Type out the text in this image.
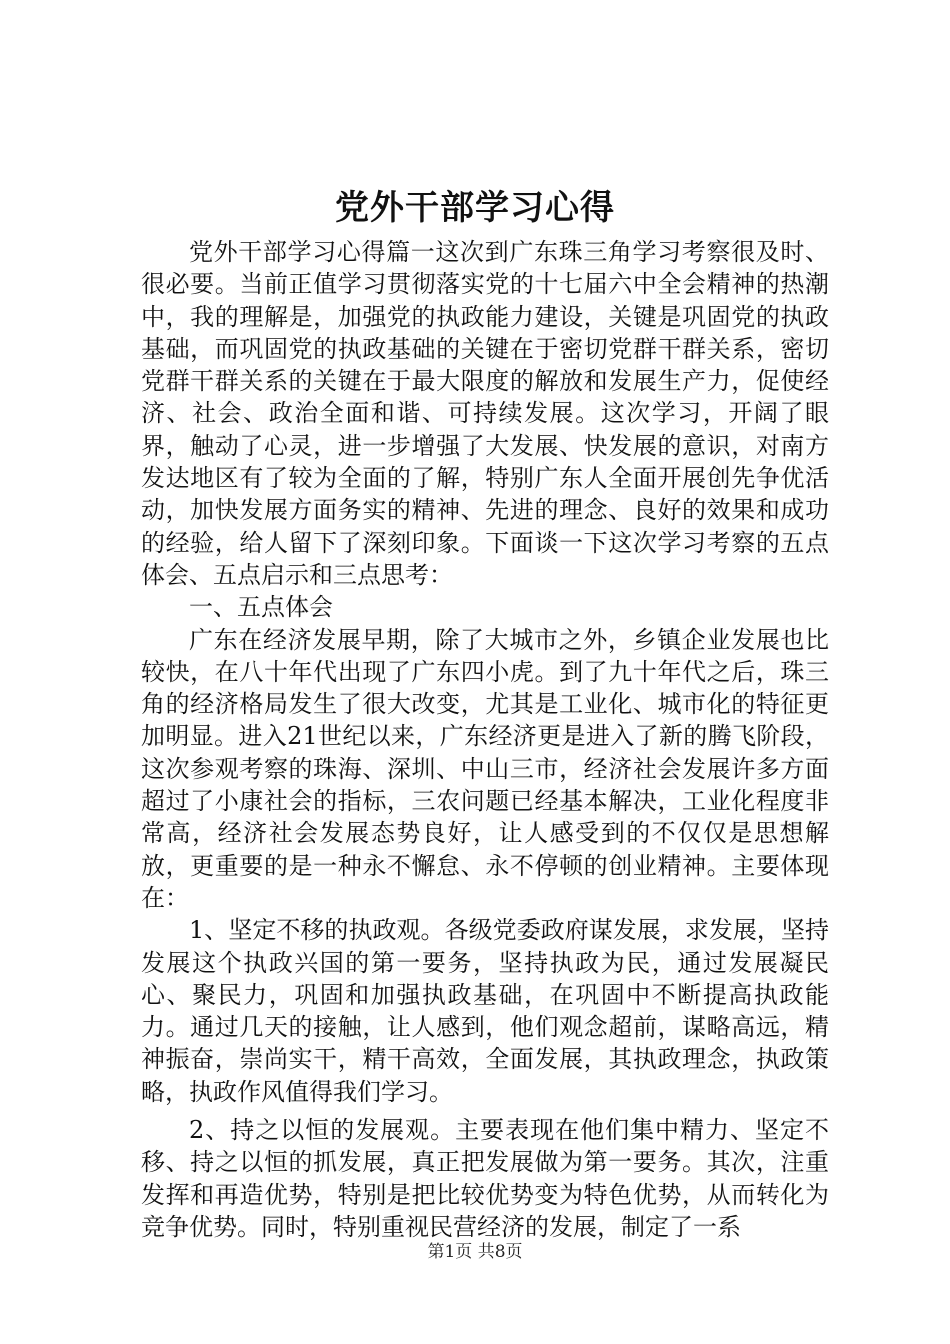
党外干部学习心得

党外干部学习心得篇一这次到广东珠三角学习考察很及时、很必要。当前正值学习贯彻落实党的十七届六中全会精神的热潮中，我的理解是，加强党的执政能力建设，关键是巩固党的执政基础，而巩固党的执政基础的关键在于密切党群干群关系，密切党群干群关系的关键在于最大限度的解放和发展生产力，促使经济、社会、政治全面和谐、可持续发展。这次学习，开阔了眼界，触动了心灵，进一步增强了大发展、快发展的意识，对南方发达地区有了较为全面的了解，特别广东人全面开展创先争优活动，加快发展方面务实的精神、先进的理念、良好的效果和成功的经验，给人留下了深刻印象。下面谈一下这次学习考察的五点体会、五点启示和三点思考：

一、五点体会

广东在经济发展早期，除了大城市之外，乡镇企业发展也比较快，在八十年代出现了广东四小虎。到了九十年代之后，珠三角的经济格局发生了很大改变，尤其是工业化、城市化的特征更加明显。进入21世纪以来，广东经济更是进入了新的腾飞阶段，这次参观考察的珠海、深圳、中山三市，经济社会发展许多方面超过了小康社会的指标，三农问题已经基本解决，工业化程度非常高，经济社会发展态势良好，让人感受到的不仅仅是思想解放，更重要的是一种永不懈怠、永不停顿的创业精神。主要体现在：

1、坚定不移的执政观。各级党委政府谋发展，求发展，坚持发展这个执政兴国的第一要务，坚持执政为民，通过发展凝民心、聚民力，巩固和加强执政基础，在巩固中不断提高执政能力。通过几天的接触，让人感到，他们观念超前，谋略高远，精神振奋，崇尚实干，精干高效，全面发展，其执政理念，执政策略，执政作风值得我们学习。

2、持之以恒的发展观。主要表现在他们集中精力、坚定不移、持之以恒的抓发展，真正把发展做为第一要务。其次，注重发挥和再造优势，特别是把比较优势变为特色优势，从而转化为竞争优势。同时，特别重视民营经济的发展，制定了一系

第1页 共8页
